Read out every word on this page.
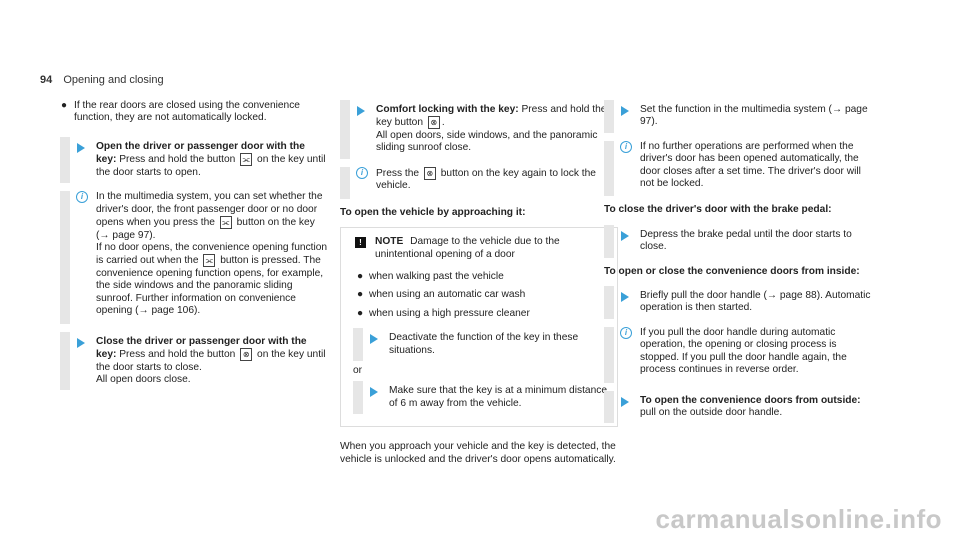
94 Opening and closing
● If the rear doors are closed using the convenience function, they are not automatically locked.

Open the driver or passenger door with the key: Press and hold the button ⫘ on the key until the door starts to open.

i	In the multimedia system, you can set whether the driver's door, the front passenger door or no door opens when you press the ⫘ button on the key (→ page 97).

If no door opens, the convenience opening function is carried out when the ⫘ button is pressed. The convenience opening function opens, for example, the side windows and the panoramic sliding sunroof. Further information on convenience opening (→ page 106).

Close the driver or passenger door with the key: Press and hold the button ⊗ on the key until the door starts to close.

All open doors close.

Comfort locking with the key: Press and hold the key button ⊗ .

All open doors, side windows, and the panoramic sliding sunroof close.

i	Press the ⊗ button on the key again to lock the vehicle.

To open the vehicle by approaching it:
!	NOTE Damage to the vehicle due to the unintentional opening of a door
● when walking past the vehicle
● when using an automatic car wash
● when using a high pressure cleaner

Deactivate the function of the key in these situations.

or

Make sure that the key is at a minimum distance of 6 m away from the vehicle.

When you approach your vehicle and the key is detected, the vehicle is unlocked and the driver's door opens automatically.

Set the function in the multimedia system (→ page 97).

i	If no further operations are performed when the driver's door has been opened automatically, the door closes after a set time. The driver's door will not be locked.

To close the driver's door with the brake pedal:

Depress the brake pedal until the door starts to close.

To open or close the convenience doors from inside:

Briefly pull the door handle (→ page 88). Automatic operation is then started.

i	If you pull the door handle during automatic operation, the opening or closing process is stopped. If you pull the door handle again, the process continues in reverse order.

To open the convenience doors from outside:

pull on the outside door handle.

carmanualsonline.info
